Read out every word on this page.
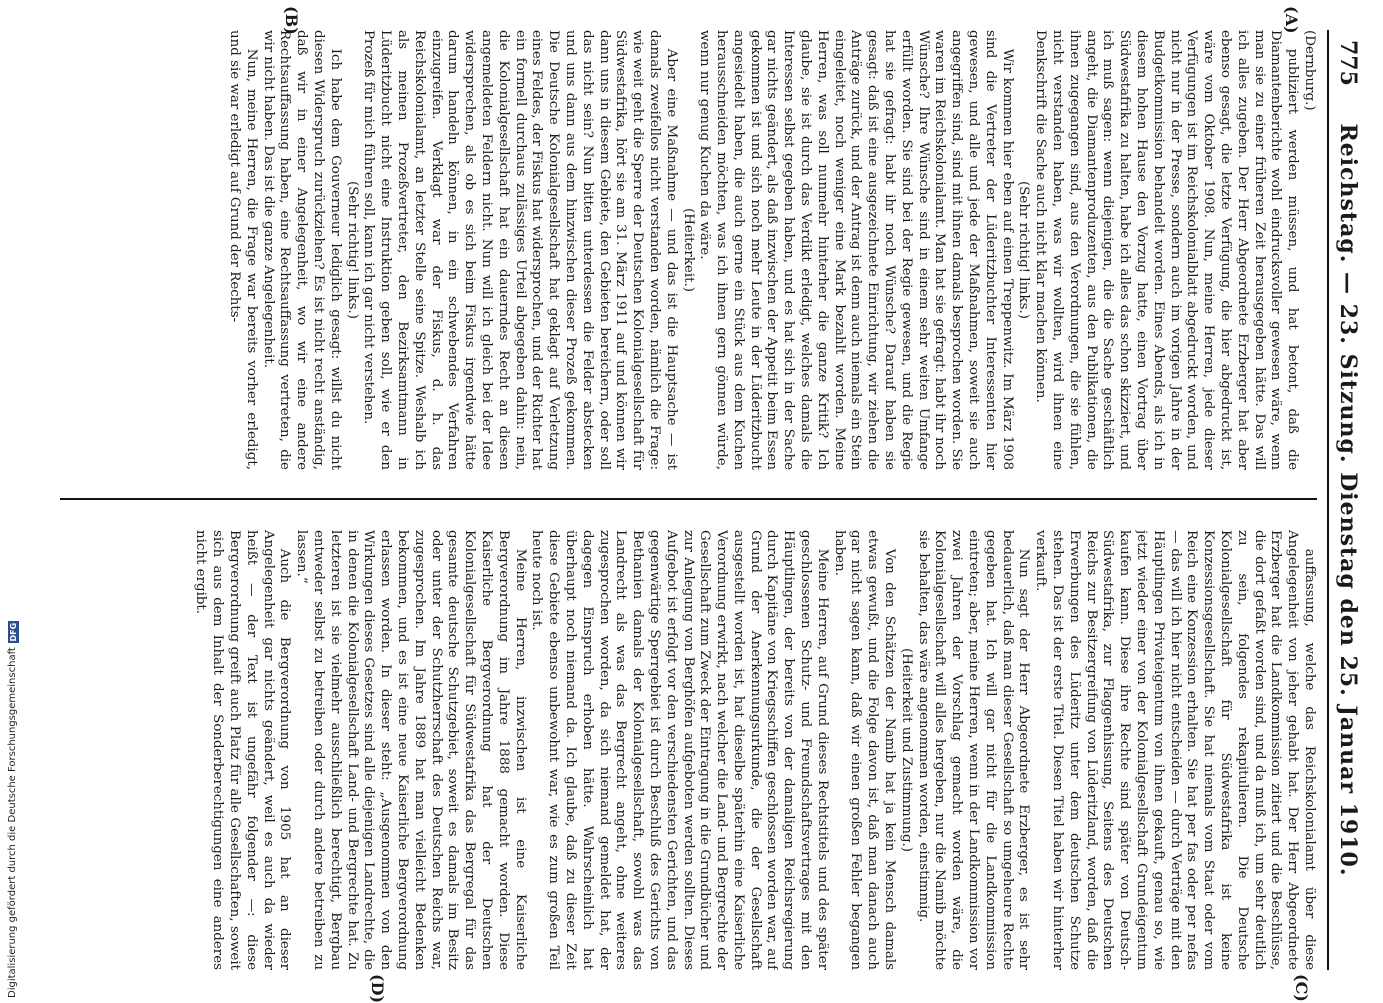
775
Reichstag. — 23. Sitzung. Dienstag den 25. Januar 1910.
(A)
(B)
(C)
(D)

(Dernburg.)

publiziert werden müssen, und hat betont, daß die Diamantenberichte wohl eindrucksvoller gewesen wäre, wenn man sie zu einer früheren Zeit herausgegeben hätte. Das will ich alles zugeben. Der Herr Abgeordnete Erzberger hat aber ebenso gesagt, die letzte Verfügung, die hier abgedruckt ist, wäre vom Oktober 1908. Nun, meine Herren, jede dieser Verfügungen ist im Reichskolonialblatt abgedruckt worden, und nicht nur in der Presse, sondern auch im vorigen Jahre in der Budgetkommission behandelt worden. Eines Abends, als ich in diesem hohen Hause den Vorzug hatte, einen Vortrag über Südwestafrika zu halten, habe ich alles das schon skizziert, und ich muß sagen: wenn diejenigen, die die Sache geschäftlich angeht, die Diamantenproduzenten, aus den Publikationen, die ihnen zugegangen sind, aus den Verordnungen, die sie fühlen, nicht verstanden haben, was wir wollten, wird ihnen eine Denkschrift die Sache auch nicht klar machen können.

(Sehr richtig! links.)

Wir kommen hier eben auf einen Treppenwitz. Im März 1908 sind die Vertreter der Lüderitzbuchter Interessenten hier gewesen, und alle und jede der Maßnahmen, soweit sie auch angegriffen sind, sind mit ihnen damals besprochen worden. Sie waren im Reichskolonialamt. Man hat sie gefragt: habt ihr noch Wünsche? Ihre Wünsche sind in einem sehr weiten Umfange erfüllt worden. Sie sind bei der Regie gewesen, und die Regie hat sie gefragt: habt ihr noch Wünsche? Darauf haben sie gesagt: daß ist eine ausgezeichnete Einrichtung, wir ziehen die Anträge zurück, und der Antrag ist denn auch niemals ein Stein eingeleitet, noch weniger eine Mark bezahlt worden. Meine Herren, was soll nunmehr hinterher die ganze Kritik? Ich glaube, sie ist durch das Verdikt erledigt, welches damals die Interessen selbst gegeben haben, und es hat sich in der Sache gar nichts geändert, als daß inzwischen der Appetit beim Essen gekommen ist und sich noch mehr Leute in der Lüderitzbucht angesiedelt haben, die auch gerne ein Stück aus dem Kuchen herausschneiden möchten, was ich ihnen gern gönnen würde, wenn nur genug Kuchen da wäre.

(Heiterkeit.)

Aber eine Maßnahme — und das ist die Hauptsache — ist damals zweifellos nicht verstanden worden, nämlich die Frage: wie weit geht die Sperre der Deutschen Kolonialgesellschaft für Südwestafrika, hört sie am 31. März 1911 auf und können wir dann uns in diesem Gebiete, den Gebieten bereichern, oder soll das nicht sein? Nun bitten unterdessen die Felder abstecken und uns dann aus dem hinzwischen dieser Prozeß gekommen. Die Deutsche Kolonialgesellschaft hat geklagt auf Verletzung eines Feldes, der Fiskus hat widersprochen, und der Richter hat ein formell durchaus zulässiges Urteil abgegeben dahin: nein, die Kolonialgesellschaft hat ein dauerndes Recht an diesen angemeldeten Feldern nicht. Nun will ich gleich bei der Idee widersprechen, als ob es sich beim Fiskus irgendwie hätte darum handeln können, in ein schwebendes Verfahren einzugreifen. Verklagt war der Fiskus, d. h. das Reichskolonialamt, an letzter Stelle seine Spitze. Weshalb ich als meinen Prozeßvertreter, den Bezirksamtmann in Lüderitzbucht nicht eine Instruktion geben soll, wie er den Prozeß für mich führen soll, kann ich gar nicht verstehen.

(Sehr richtig! links.)

Ich habe dem Gouverneur lediglich gesagt: willst du nicht diesen Widerspruch zurückziehen? Es ist nicht recht anständig, daß wir in einer Angelegenheit, wo wir eine andere Rechtsauffassung haben, eine Rechtsauffassung vertreten, die wir nicht haben. Das ist die ganze Angelegenheit.

Nun, meine Herren, die Frage war bereits vorher erledigt, und sie war erledigt auf Grund der Rechts-

auffassung, welche das Reichskolonialamt über diese Angelegenheit von jeher gehabt hat. Der Herr Abgeordnete Erzberger hat die Landkommission zitiert und die Beschlüsse, die dort gefaßt worden sind, und da muß ich, um sehr deutlich zu sein, folgendes rekapitulieren. Die Deutsche Kolonialgesellschaft für Südwestafrika ist keine Konzessionsgesellschaft. Sie hat niemals vom Staat oder vom Reich eine Konzession erhalten. Sie hat per fas oder per nefas — das will ich hier nicht entscheiden — durch Verträge mit den Häuptlingen Privateigentum von ihnen gekauft, genau so, wie jetzt wieder einer von der Kolonialgesellschaft Grundeigentum kaufen kann. Diese ihre Rechte sind später von Deutsch-Südwestafrika, zur Flaggenhissung, Seitens des Deutschen Reichs zur Besitzergreifung von Lüderitzland, worden, daß die Erwerbungen des Lüderitz unter dem deutschen Schutze stehen. Das ist der erste Titel. Diesen Titel haben wir hinterher verkauft.

Nun sagt der Herr Abgeordnete Erzberger, es ist sehr bedauerlich, daß man dieser Gesellschaft so umgeheure Rechte gegeben hat. Ich will gar nicht für die Landkommission eintreten; aber, meine Herren, wenn in der Landkommission vor zwei Jahren der Vorschlag gemacht worden wäre, die Kolonialgesellschaft will alles hergeben, nur die Namib möchte sie behalten, das wäre angenommen worden, einstimmig.

(Heiterkeit und Zustimmung.)

Von den Schätzen der Namib hat ja kein Mensch damals etwas gewußt, und die Folge davon ist, daß man danach auch gar nicht sagen kann, daß wir einen großen Fehler begangen haben.

Meine Herren, auf Grund dieses Rechtstitels und des später geschlossenen Schutz- und Freundschaftsvertrages mit den Häuptlingen, der bereits von der damaligen Reichsregierung durch Kapitäne von Kriegsschiffen geschlossen worden war, auf Grund der Anerkennungsurkunde, die der Gesellschaft ausgestellt worden ist, hat dieselbe späterhin eine Kaiserliche Verordnung erwirkt, nach welcher die Land- und Bergrechte der Gesellschaft zum Zweck der Eintragung in die Grundbücher und zur Anlegung von Berghöfen aufgeboten werden sollten. Dieses Aufgebot ist erfolgt vor den verschiedensten Gerichten, und das gegenwärtige Sperrgebiet ist durch Beschluß des Gerichts von Bethanien damals der Kolonialgesellschaft, sowohl was das Landrecht als was das Bergrecht angeht, ohne weiteres zugesprochen worden, da sich niemand gemeldet hat, der dagegen Einspruch erhoben hätte. Wahrscheinlich hat überhaupt noch niemand da. Ich glaube, daß zu dieser Zeit diese Gebiete ebenso unbewohnt war, wie es zum großen Teil heute noch ist.

Meine Herren, inzwischen ist eine Kaiserliche Bergverordnung im Jahre 1888 gemacht worden. Diese Kaiserliche Bergverordnung hat der Deutschen Kolonialgesellschaft für Südwestafrika das Bergregal für das gesamte deutsche Schutzgebiet, soweit es damals im Besitz oder unter der Schutzherrschaft des Deutschen Reichs war, zugesprochen. Im Jahre 1889 hat man vielleicht Bedenken bekommen, und es ist eine neue Kaiserliche Bergverordnung erlassen worden. In dieser steht: „Ausgenommen von den Wirkungen dieses Gesetzes sind alle diejenigen Landrechte, die in denen die Kolonialgesellschaft Land- und Bergrechte hat. Zu letzteren ist sie vielmehr ausschließlich berechtigt, Bergbau entweder selbst zu betreiben oder durch andere betreiben zu lassen.“

Auch die Bergverordnung von 1905 hat an dieser Angelegenheit gar nichts geändert, weil es auch da wieder heißt — der Text ist ungefähr folgender —: diese Bergverordnung greift auch Platz für alle Gesellschaften, soweit sich aus dem Inhalt der Sonderberechtigungen eine anderes nicht ergibt.

Digitalisierung gefördert durch die Deutsche Forschungsgemeinschaft
DFG
